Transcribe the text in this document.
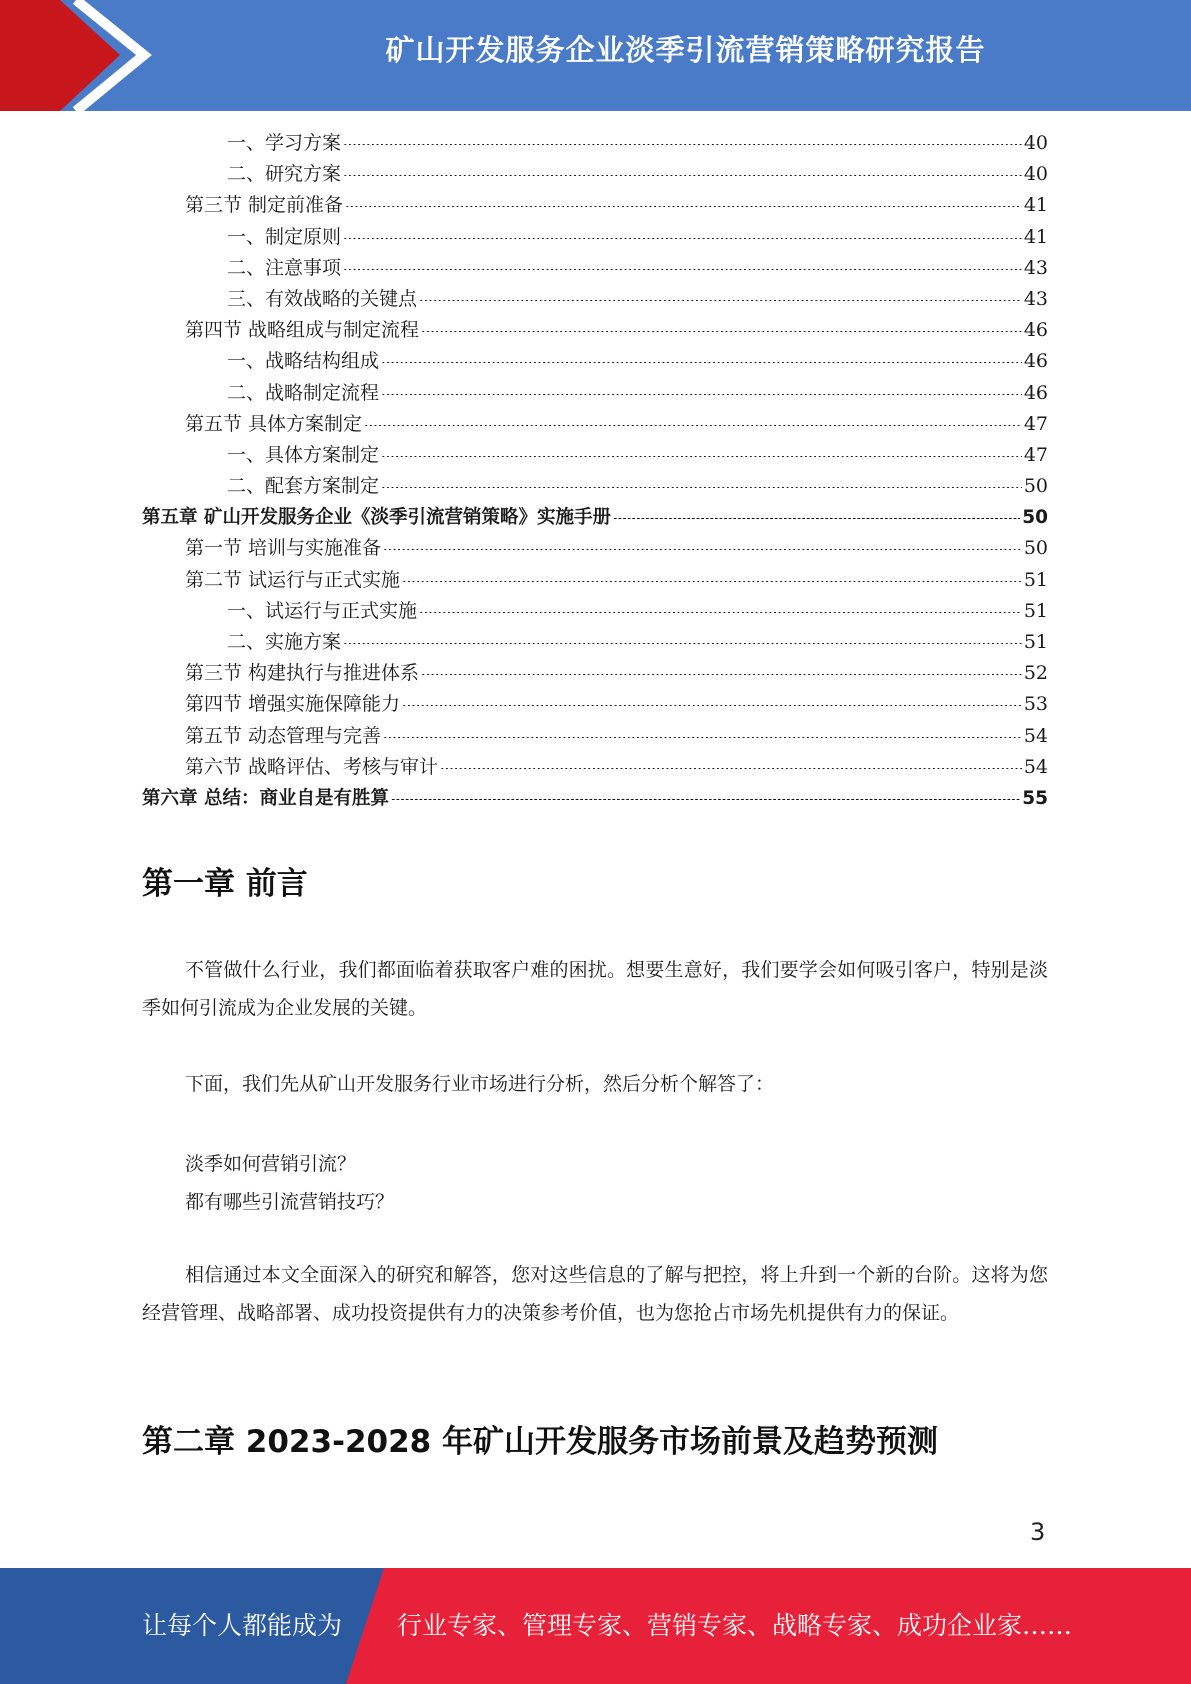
矿山开发服务企业淡季引流营销策略研究报告
一、学习方案	40
二、研究方案	40
第三节 制定前准备	41
一、制定原则	41
二、注意事项	43
三、有效战略的关键点	43
第四节 战略组成与制定流程	46
一、战略结构组成	46
二、战略制定流程	46
第五节 具体方案制定	47
一、具体方案制定	47
二、配套方案制定	50
第五章 矿山开发服务企业《淡季引流营销策略》实施手册	50
第一节 培训与实施准备	50
第二节 试运行与正式实施	51
一、试运行与正式实施	51
二、实施方案	51
第三节 构建执行与推进体系	52
第四节 增强实施保障能力	53
第五节 动态管理与完善	54
第六节 战略评估、考核与审计	54
第六章 总结：商业自是有胜算	55
第一章 前言
不管做什么行业，我们都面临着获取客户难的困扰。想要生意好，我们要学会如何吸引客户，特别是淡季如何引流成为企业发展的关键。
下面，我们先从矿山开发服务行业市场进行分析，然后分析个解答了：
淡季如何营销引流？
都有哪些引流营销技巧？
相信通过本文全面深入的研究和解答，您对这些信息的了解与把控，将上升到一个新的台阶。这将为您经营管理、战略部署、成功投资提供有力的决策参考价值，也为您抢占市场先机提供有力的保证。
第二章 2023-2028 年矿山开发服务市场前景及趋势预测
3
让每个人都能成为 行业专家、管理专家、营销专家、战略专家、成功企业家……
